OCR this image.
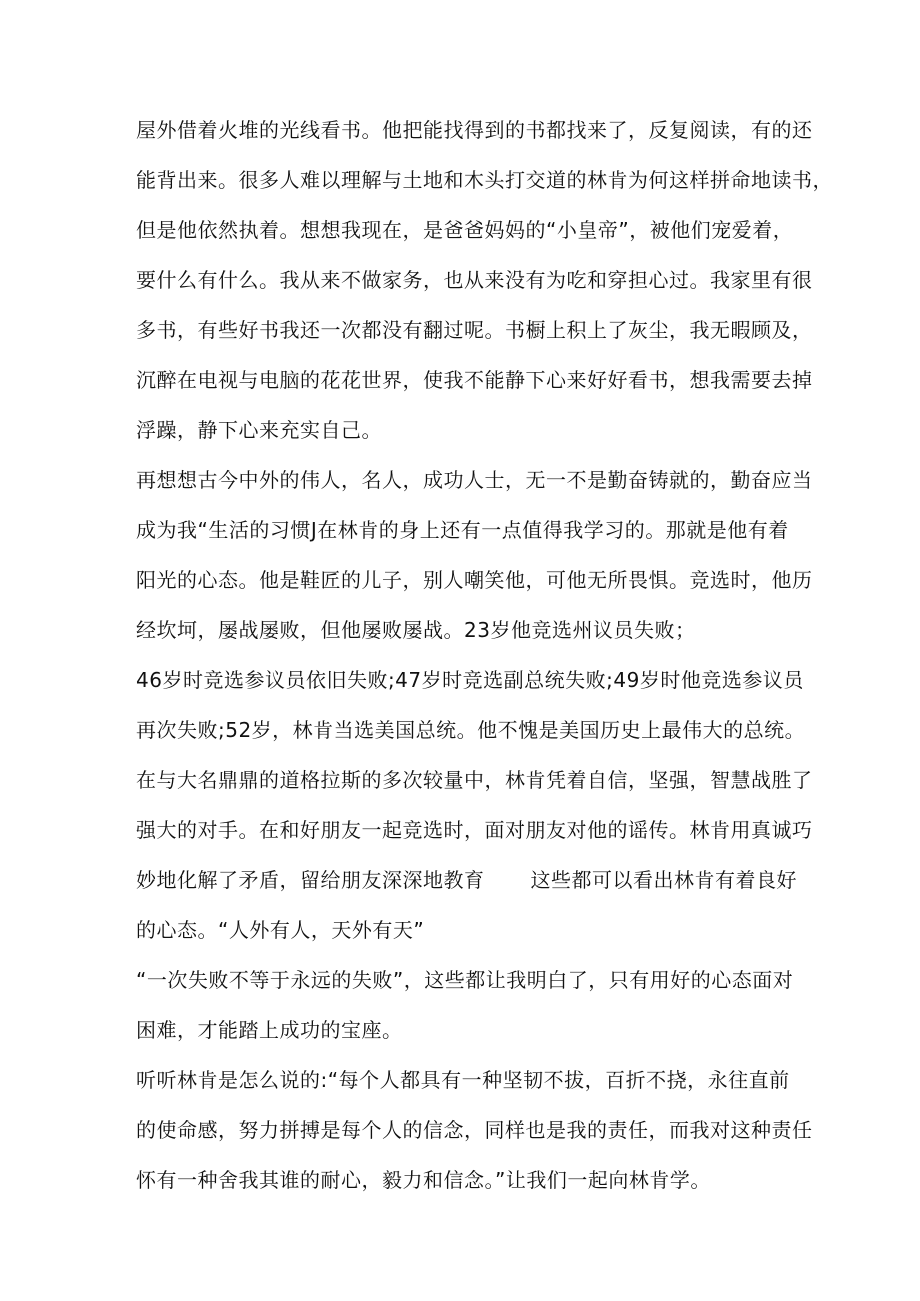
屋外借着火堆的光线看书。他把能找得到的书都找来了，反复阅读，有的还
能背出来。很多人难以理解与土地和木头打交道的林肯为何这样拼命地读书，
但是他依然执着。想想我现在，是爸爸妈妈的“小皇帝”，被他们宠爱着，
要什么有什么。我从来不做家务，也从来没有为吃和穿担心过。我家里有很
多书，有些好书我还一次都没有翻过呢。书橱上积上了灰尘，我无暇顾及，
沉醉在电视与电脑的花花世界，使我不能静下心来好好看书，想我需要去掉
浮躁，静下心来充实自己。
再想想古今中外的伟人，名人，成功人士，无一不是勤奋铸就的，勤奋应当
成为我“生活的习惯J在林肯的身上还有一点值得我学习的。那就是他有着
阳光的心态。他是鞋匠的儿子，别人嘲笑他，可他无所畏惧。竞选时，他历
经坎坷，屡战屡败，但他屡败屡战。23岁他竞选州议员失败；
46岁时竞选参议员依旧失败;47岁时竞选副总统失败;49岁时他竞选参议员
再次失败;52岁，林肯当选美国总统。他不愧是美国历史上最伟大的总统。
在与大名鼎鼎的道格拉斯的多次较量中，林肯凭着自信，坚强，智慧战胜了
强大的对手。在和好朋友一起竞选时，面对朋友对他的谣传。林肯用真诚巧
妙地化解了矛盾，留给朋友深深地教育 这些都可以看出林肯有着良好
的心态。“人外有人，天外有天”
“一次失败不等于永远的失败”，这些都让我明白了，只有用好的心态面对
困难，才能踏上成功的宝座。
听听林肯是怎么说的:“每个人都具有一种坚韧不拔，百折不挠，永往直前
的使命感，努力拼搏是每个人的信念，同样也是我的责任，而我对这种责任
怀有一种舍我其谁的耐心，毅力和信念。”让我们一起向林肯学。
